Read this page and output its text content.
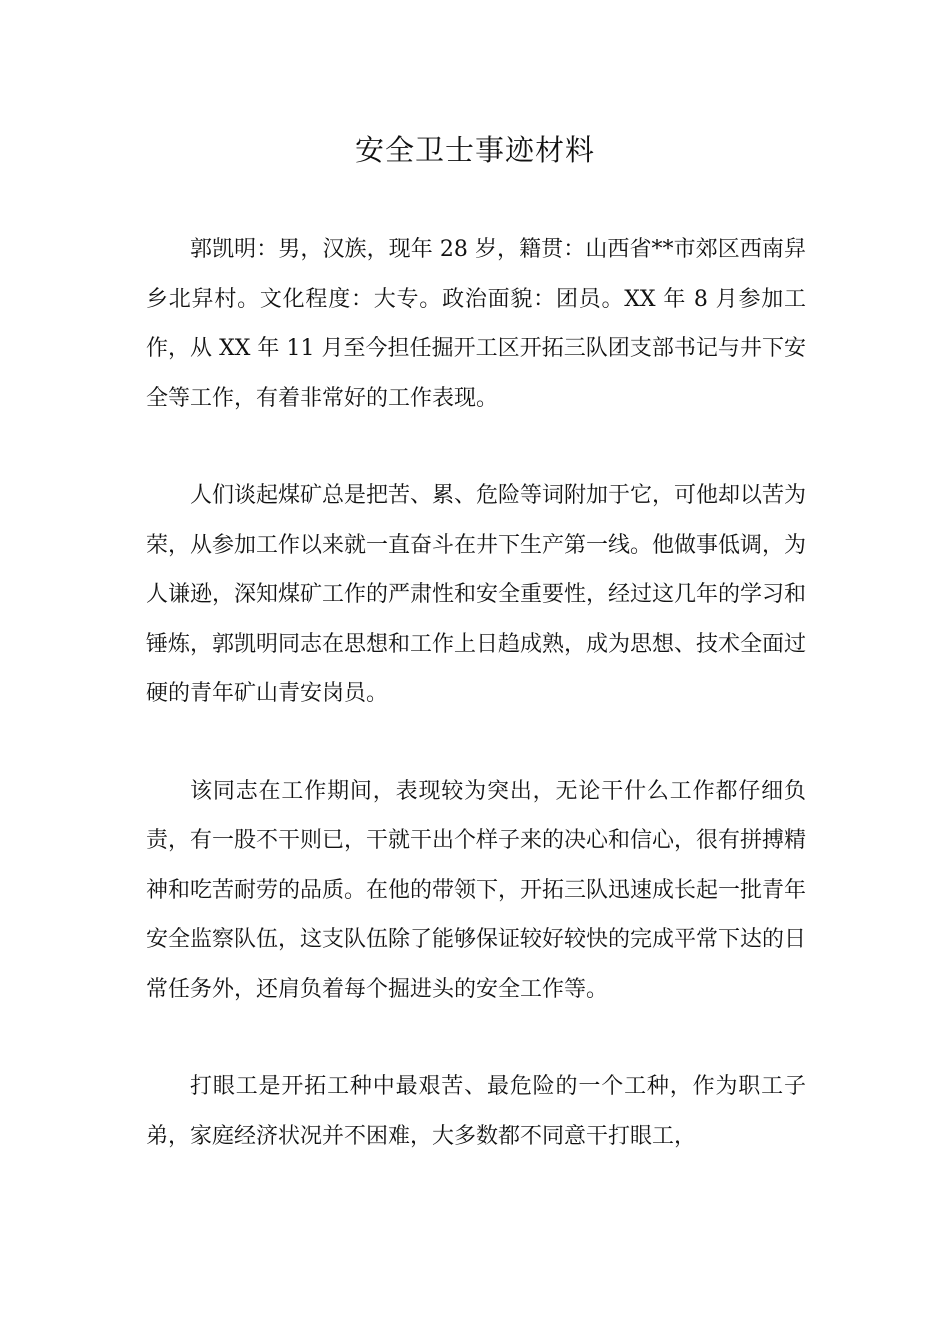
安全卫士事迹材料

郭凯明：男，汉族，现年 28 岁，籍贯：山西省**市郊区西南舁乡北舁村。文化程度：大专。政治面貌：团员。XX 年 8 月参加工作，从 XX 年 11 月至今担任掘开工区开拓三队团支部书记与井下安全等工作，有着非常好的工作表现。

人们谈起煤矿总是把苦、累、危险等词附加于它，可他却以苦为荣，从参加工作以来就一直奋斗在井下生产第一线。他做事低调，为人谦逊，深知煤矿工作的严肃性和安全重要性，经过这几年的学习和锤炼，郭凯明同志在思想和工作上日趋成熟，成为思想、技术全面过硬的青年矿山青安岗员。

该同志在工作期间，表现较为突出，无论干什么工作都仔细负责，有一股不干则已，干就干出个样子来的决心和信心，很有拼搏精神和吃苦耐劳的品质。在他的带领下，开拓三队迅速成长起一批青年安全监察队伍，这支队伍除了能够保证较好较快的完成平常下达的日常任务外，还肩负着每个掘进头的安全工作等。

打眼工是开拓工种中最艰苦、最危险的一个工种，作为职工子弟，家庭经济状况并不困难，大多数都不同意干打眼工，
